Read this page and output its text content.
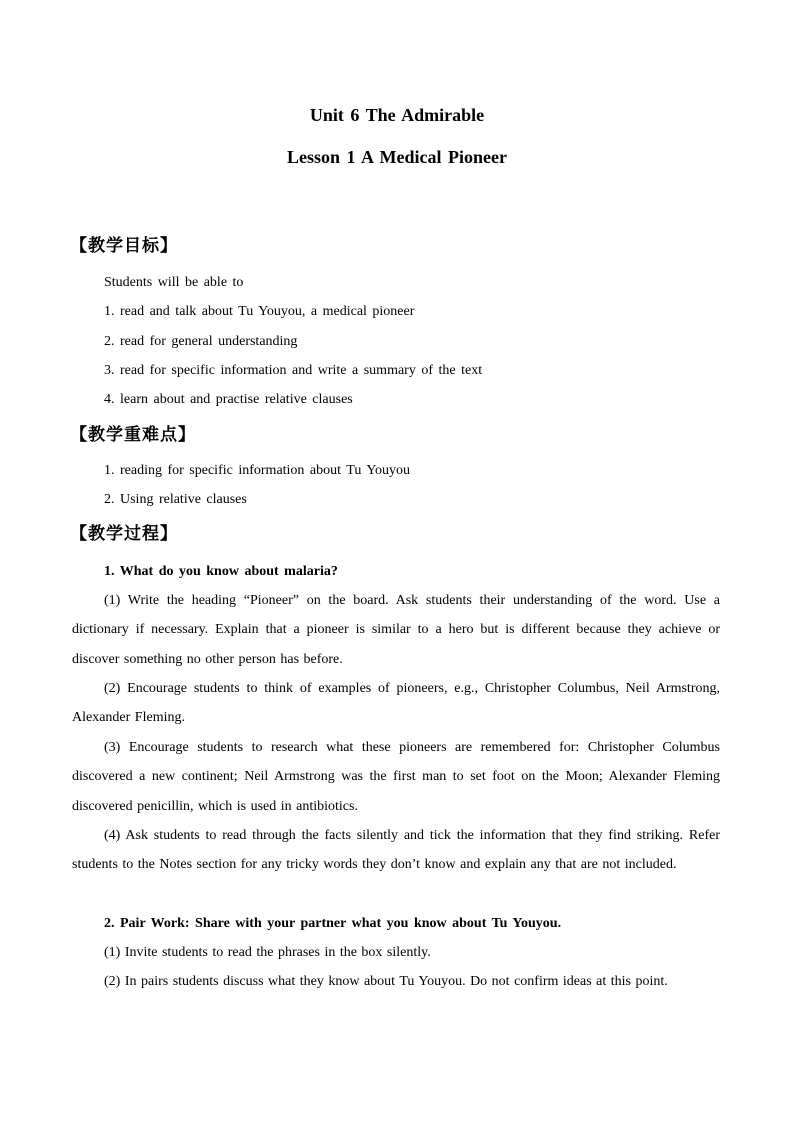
Unit 6 The Admirable
Lesson 1 A Medical Pioneer
【教学目标】
Students will be able to
1. read and talk about Tu Youyou, a medical pioneer
2. read for general understanding
3. read for specific information and write a summary of the text
4. learn about and practise relative clauses
【教学重难点】
1. reading for specific information about Tu Youyou
2. Using relative clauses
【教学过程】
1. What do you know about malaria?
(1) Write the heading “Pioneer” on the board. Ask students their understanding of the word. Use a dictionary if necessary. Explain that a pioneer is similar to a hero but is different because they achieve or discover something no other person has before.
(2) Encourage students to think of examples of pioneers, e.g., Christopher Columbus, Neil Armstrong, Alexander Fleming.
(3) Encourage students to research what these pioneers are remembered for: Christopher Columbus discovered a new continent; Neil Armstrong was the first man to set foot on the Moon; Alexander Fleming discovered penicillin, which is used in antibiotics.
(4) Ask students to read through the facts silently and tick the information that they find striking. Refer students to the Notes section for any tricky words they don’t know and explain any that are not included.
2. Pair Work: Share with your partner what you know about Tu Youyou.
(1) Invite students to read the phrases in the box silently.
(2) In pairs students discuss what they know about Tu Youyou. Do not confirm ideas at this point.
